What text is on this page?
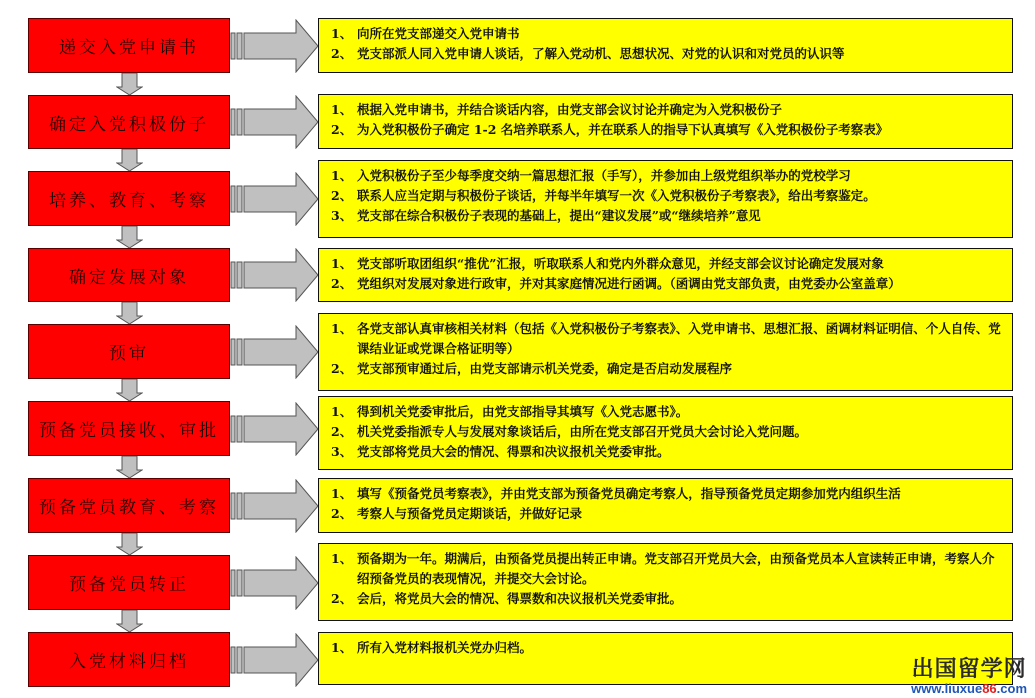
递交入党申请书
1、 向所在党支部递交入党申请书
2、 党支部派人同入党申请人谈话，了解入党动机、思想状况、对党的认识和对党员的认识等
确定入党积极份子
1、 根据入党申请书，并结合谈话内容，由党支部会议讨论并确定为入党积极份子
2、 为入党积极份子确定 1-2 名培养联系人，并在联系人的指导下认真填写《入党积极份子考察表》
培养、教育、考察
1、 入党积极份子至少每季度交纳一篇思想汇报（手写），并参加由上级党组织举办的党校学习
2、 联系人应当定期与积极份子谈话，并每半年填写一次《入党积极份子考察表》，给出考察鉴定。
3、 党支部在综合积极份子表现的基础上，提出“建议发展”或“继续培养”意见
确定发展对象
1、 党支部听取团组织“推优”汇报，听取联系人和党内外群众意见，并经支部会议讨论确定发展对象
2、 党组织对发展对象进行政审，并对其家庭情况进行函调。（函调由党支部负责，由党委办公室盖章）
预审
1、 各党支部认真审核相关材料（包括《入党积极份子考察表》、入党申请书、思想汇报、函调材料证明信、个人自传、党课结业证或党课合格证明等）
2、 党支部预审通过后，由党支部请示机关党委，确定是否启动发展程序
预备党员接收、审批
1、 得到机关党委审批后，由党支部指导其填写《入党志愿书》。
2、 机关党委指派专人与发展对象谈话后，由所在党支部召开党员大会讨论入党问题。
3、 党支部将党员大会的情况、得票和决议报机关党委审批。
预备党员教育、考察
1、 填写《预备党员考察表》，并由党支部为预备党员确定考察人，指导预备党员定期参加党内组织生活
2、 考察人与预备党员定期谈话，并做好记录
预备党员转正
1、 预备期为一年。期满后，由预备党员提出转正申请。党支部召开党员大会，由预备党员本人宣读转正申请，考察人介绍预备党员的表现情况，并提交大会讨论。
2、 会后，将党员大会的情况、得票数和决议报机关党委审批。
入党材料归档
1、 所有入党材料报机关党办归档。
出国留学网
www.liuxue86.com
